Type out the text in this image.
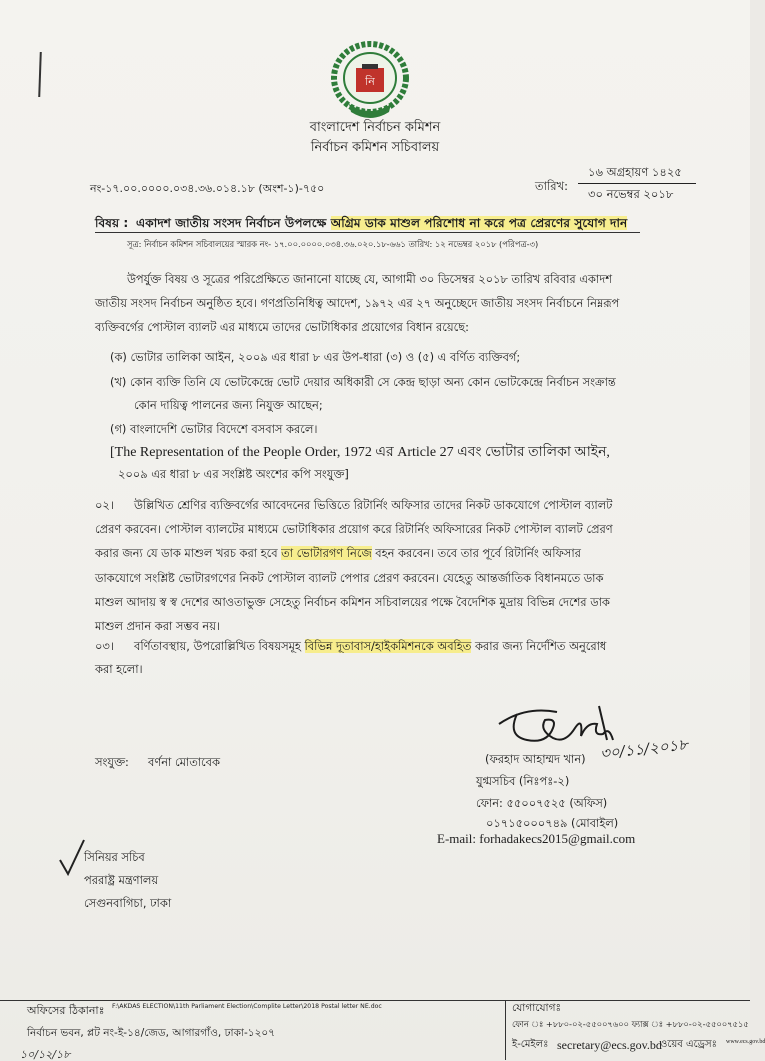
নি
বাংলাদেশ নির্বাচন কমিশন
নির্বাচন কমিশন সচিবালয়
নং-১৭.০০.০০০০.০৩৪.৩৬.০১৪.১৮ (অংশ-১)-৭৫০	তারিখ:
১৬ অগ্রহায়ণ ১৪২৫
৩০ নভেম্বর ২০১৮
বিষয় : একাদশ জাতীয় সংসদ নির্বাচন উপলক্ষে অগ্রিম ডাক মাশুল পরিশোধ না করে পত্র প্রেরণের সুযোগ দান
সূত্র: নির্বাচন কমিশন সচিবালয়ের স্মারক নং- ১৭.০০.০০০০.০৩৪.৩৬.০২০.১৮-৬৬১ তারিখ: ১২ নভেম্বর ২০১৮ (পরিপত্র-৩)
উপর্যুক্ত বিষয় ও সূত্রের পরিপ্রেক্ষিতে জানানো যাচ্ছে যে, আগামী ৩০ ডিসেম্বর ২০১৮ তারিখ রবিবার একাদশ
জাতীয় সংসদ নির্বাচন অনুষ্ঠিত হবে। গণপ্রতিনিধিত্ব আদেশ, ১৯৭২ এর ২৭ অনুচ্ছেদে জাতীয় সংসদ নির্বাচনে নিম্নরূপ
ব্যক্তিবর্গের পোস্টাল ব্যালট এর মাধ্যমে তাদের ভোটাধিকার প্রয়োগের বিধান রয়েছে:
(ক) ভোটার তালিকা আইন, ২০০৯ এর ধারা ৮ এর উপ-ধারা (৩) ও (৫) এ বর্ণিত ব্যক্তিবর্গ;
(খ) কোন ব্যক্তি তিনি যে ভোটকেন্দ্রে ভোট দেয়ার অধিকারী সে কেন্দ্র ছাড়া অন্য কোন ভোটকেন্দ্রে নির্বাচন সংক্রান্ত
কোন দায়িত্ব পালনের জন্য নিযুক্ত আছেন;
(গ) বাংলাদেশি ভোটার বিদেশে বসবাস করলে।
[The Representation of the People Order, 1972 এর Article 27 এবং ভোটার তালিকা আইন,
২০০৯ এর ধারা ৮ এর সংশ্লিষ্ট অংশের কপি সংযুক্ত]
০২। উল্লিখিত শ্রেণির ব্যক্তিবর্গের আবেদনের ভিত্তিতে রিটার্নিং অফিসার তাদের নিকট ডাকযোগে পোস্টাল ব্যালট
প্রেরণ করবেন। পোস্টাল ব্যালটের মাধ্যমে ভোটাধিকার প্রয়োগ করে রিটার্নিং অফিসারের নিকট পোস্টাল ব্যালট প্রেরণ
করার জন্য যে ডাক মাশুল খরচ করা হবে তা ভোটারগণ নিজে বহন করবেন। তবে তার পূর্বে রিটার্নিং অফিসার
ডাকযোগে সংশ্লিষ্ট ভোটারগণের নিকট পোস্টাল ব্যালট পেপার প্রেরণ করবেন। যেহেতু আন্তর্জাতিক বিধানমতে ডাক
মাশুল আদায় স্ব স্ব দেশের আওতাভুক্ত সেহেতু নির্বাচন কমিশন সচিবালয়ের পক্ষে বৈদেশিক মুদ্রায় বিভিন্ন দেশের ডাক
মাশুল প্রদান করা সম্ভব নয়।
০৩। বর্ণিতাবস্থায়, উপরোল্লিখিত বিষয়সমূহ বিভিন্ন দূতাবাস/হাইকমিশনকে অবহিত করার জন্য নির্দেশিত অনুরোধ
করা হলো।
৩০/১১/২০১৮
(ফরহাদ আহাম্মদ খান)
যুগ্মসচিব (নিঃপঃ-২)
ফোন: ৫৫০০৭৫২৫ (অফিস)
০১৭১৫০০০৭৪৯ (মোবাইল)
E-mail: forhadakecs2015@gmail.com
সংযুক্ত: বর্ণনা মোতাবেক
সিনিয়র সচিব
পররাষ্ট্র মন্ত্রণালয়
সেগুনবাগিচা, ঢাকা
অফিসের ঠিকানাঃ F:\AKDAS ELECTION\11th Parliament Election\Complite Letter\2018 Postal letter NE.doc
নির্বাচন ভবন, প্লট নং-ই-১৪/জেড, আগারগাঁও, ঢাকা-১২০৭
১০/১২/১৮
যোগাযোগঃ
ফোন ঃ +৮৮০-০২-৫৫০০৭৬০০ ফ্যাক্স ঃ +৮৮০-০২-৫৫০০৭৫১৫
ই-মেইলঃ secretary@ecs.gov.bd
ওয়েব এড্রেসঃ www.ecs.gov.bd
